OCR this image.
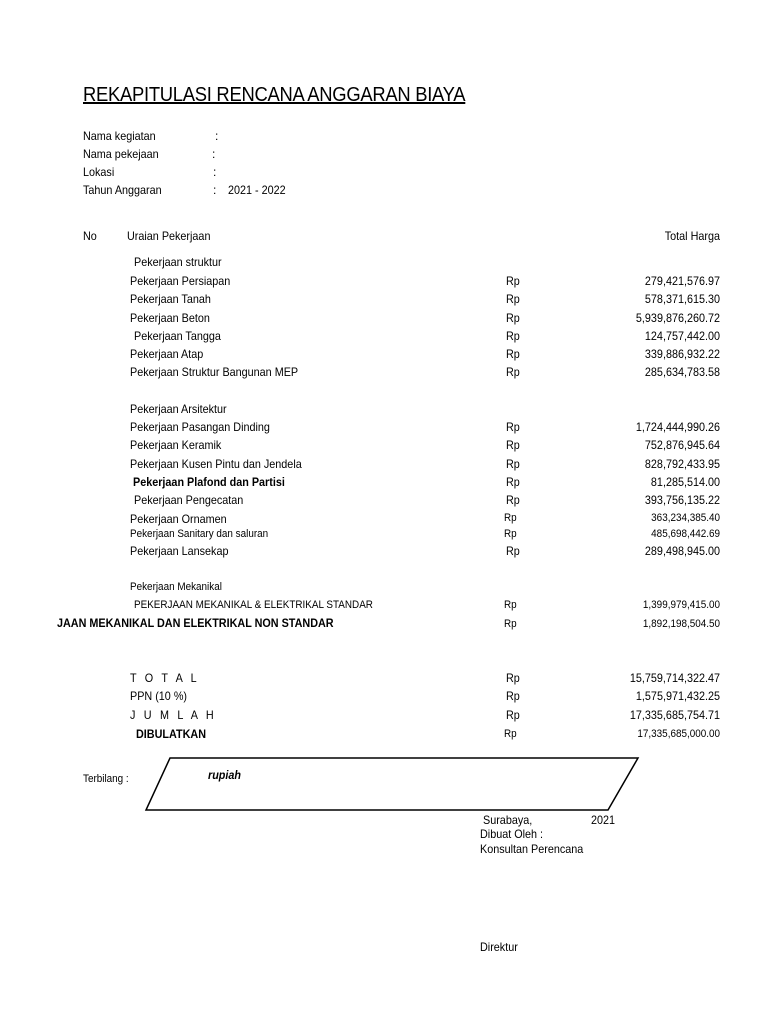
REKAPITULASI RENCANA ANGGARAN BIAYA
Nama kegiatan	:
Nama pekejaan	:
Lokasi	:
Tahun Anggaran	: 2021 - 2022
No	Uraian Pekerjaan	Total Harga
Pekerjaan struktur
Pekerjaan Persiapan	Rp	279,421,576.97
Pekerjaan Tanah	Rp	578,371,615.30
Pekerjaan Beton	Rp	5,939,876,260.72
Pekerjaan Tangga	Rp	124,757,442.00
Pekerjaan Atap	Rp	339,886,932.22
Pekerjaan Struktur Bangunan MEP	Rp	285,634,783.58
Pekerjaan Arsitektur
Pekerjaan Pasangan Dinding	Rp	1,724,444,990.26
Pekerjaan Keramik	Rp	752,876,945.64
Pekerjaan Kusen Pintu dan Jendela	Rp	828,792,433.95
Pekerjaan Plafond dan Partisi	Rp	81,285,514.00
Pekerjaan Pengecatan	Rp	393,756,135.22
Pekerjaan Ornamen	Rp	363,234,385.40
Pekerjaan Sanitary dan saluran	Rp	485,698,442.69
Pekerjaan Lansekap	Rp	289,498,945.00
Pekerjaan Mekanikal
PEKERJAAN MEKANIKAL & ELEKTRIKAL STANDAR	Rp	1,399,979,415.00
JAAN MEKANIKAL DAN ELEKTRIKAL NON STANDAR	Rp	1,892,198,504.50
T O T A L	Rp	15,759,714,322.47
PPN (10 %)	Rp	1,575,971,432.25
J U M L A H	Rp	17,335,685,754.71
DIBULATKAN	Rp	17,335,685,000.00
Terbilang :	rupiah
Surabaya,	2021
Dibuat Oleh :
Konsultan Perencana
Direktur
